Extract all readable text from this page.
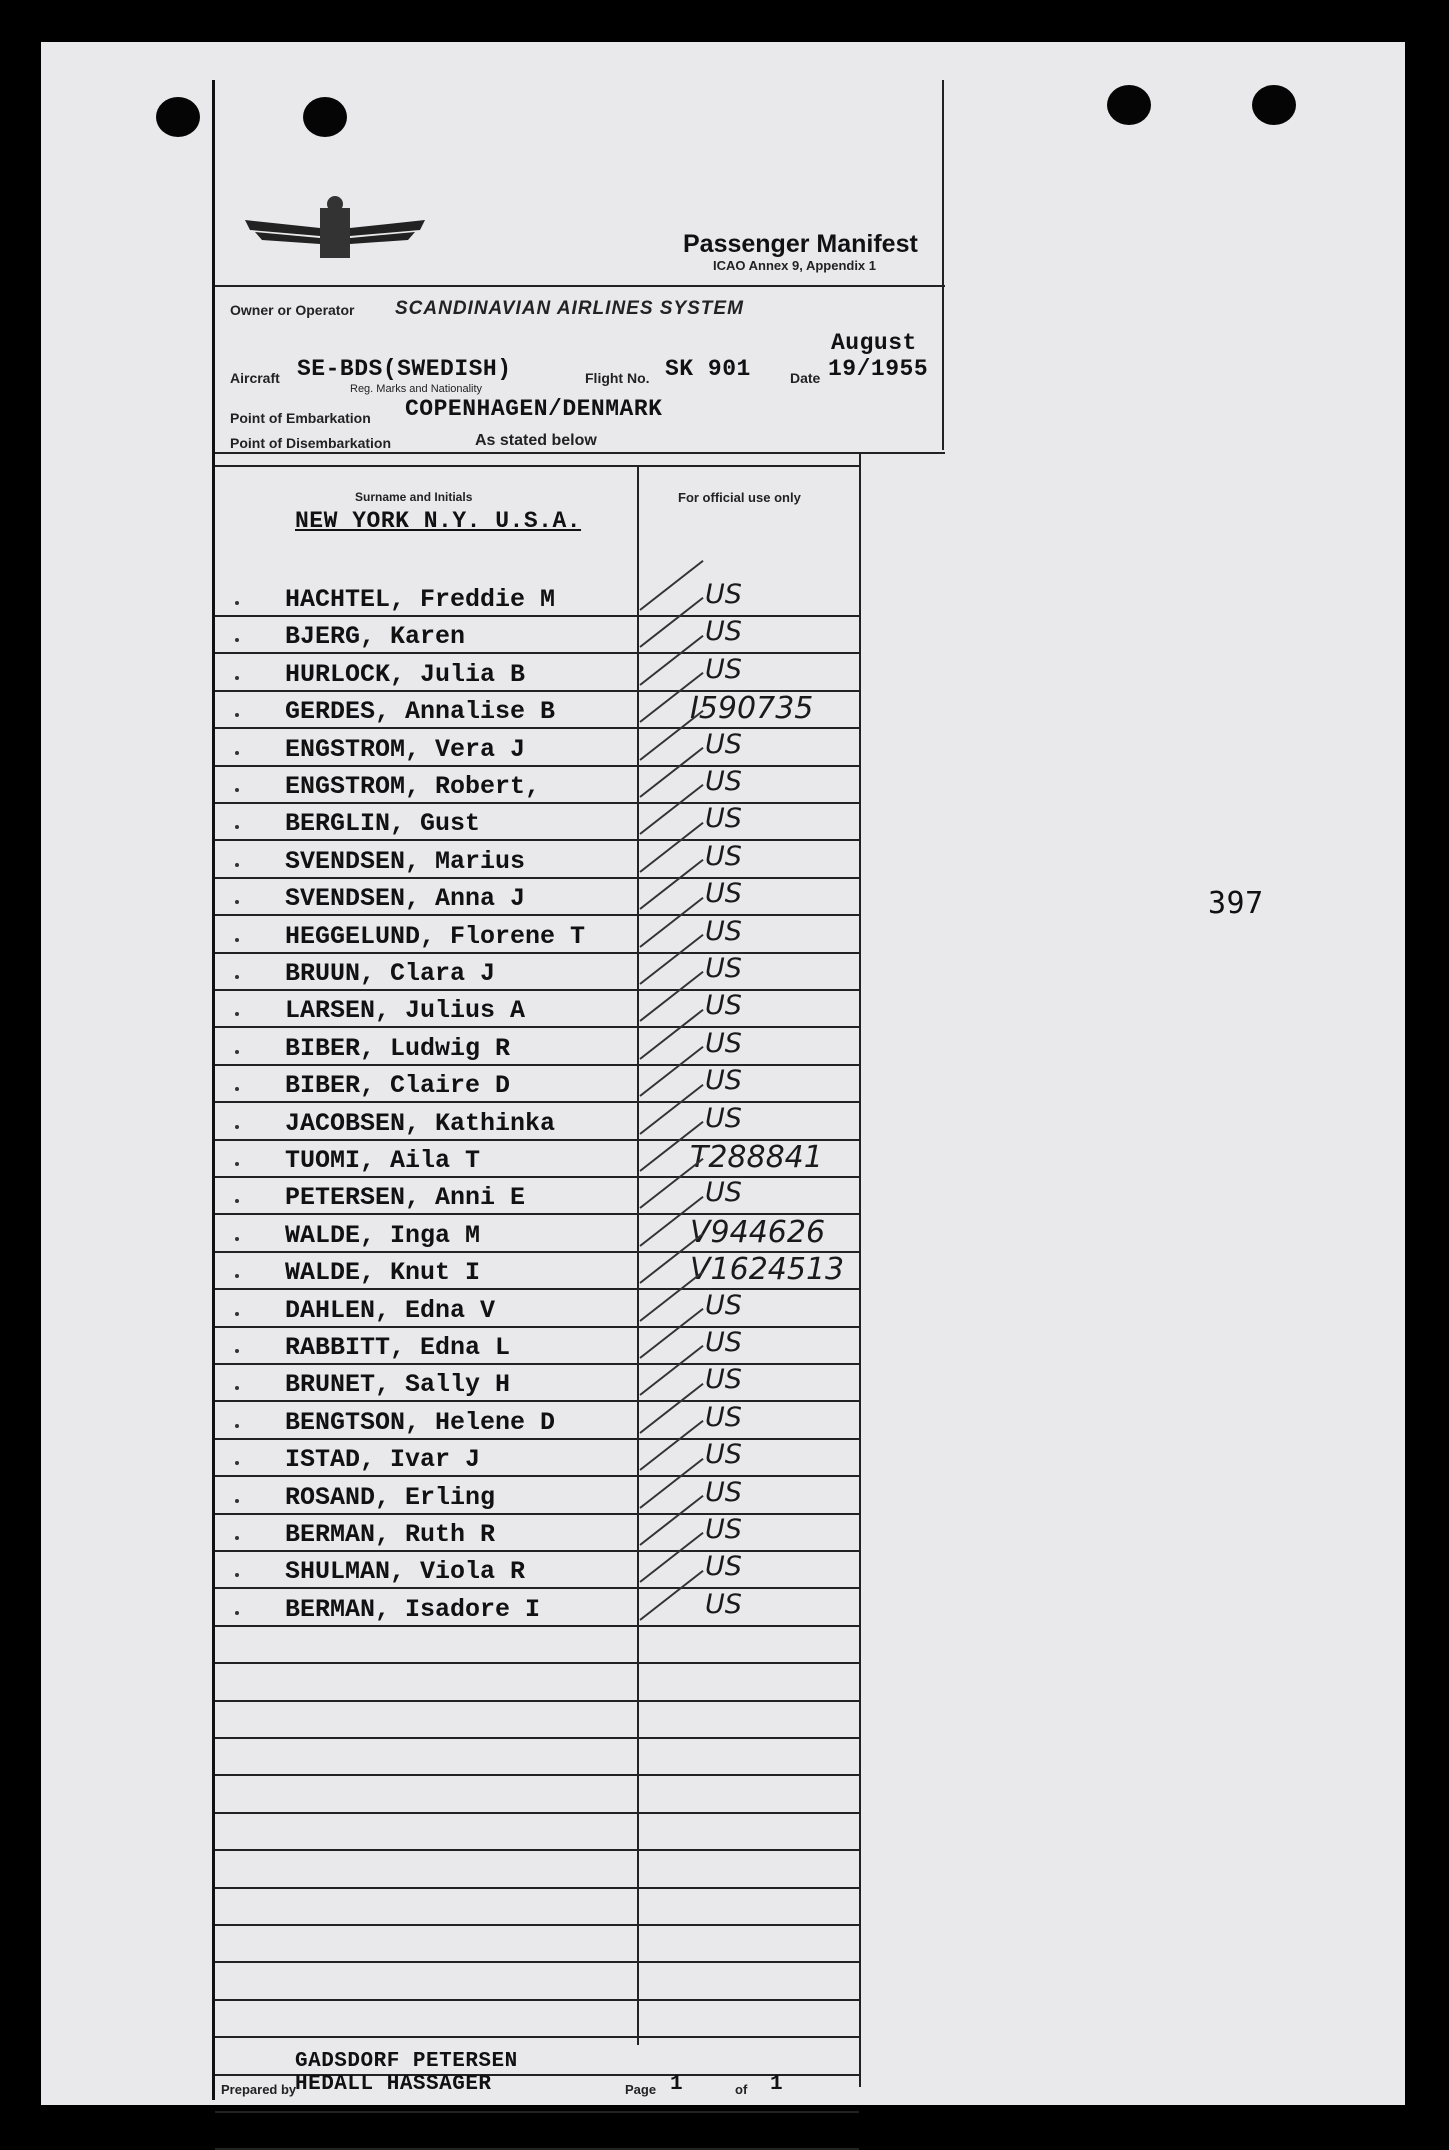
Passenger Manifest
ICAO Annex 9, Appendix 1
Owner or Operator SCANDINAVIAN AIRLINES SYSTEM
Aircraft SE-BDS(SWEDISH)
Reg. Marks and Nationality
Flight No. SK 901	Date
August
19/1955
Point of Embarkation COPENHAGEN/DENMARK
Point of Disembarkation	As stated below
Surname and Initials	For official use only
NEW YORK N.Y. U.S.A.
HACHTEL, Freddie M	US
BJERG, Karen	US
HURLOCK, Julia B	US
GERDES, Annalise B	I590735
ENGSTROM, Vera J	US
ENGSTROM, Robert,	US
BERGLIN, Gust	US
SVENDSEN, Marius	US
SVENDSEN, Anna J	US
HEGGELUND, Florene T	US
BRUUN, Clara J	US
LARSEN, Julius A	US
BIBER, Ludwig R	US
BIBER, Claire D	US
JACOBSEN, Kathinka	US
TUOMI, Aila T	T288841
PETERSEN, Anni E	US
WALDE, Inga M	V944626
WALDE, Knut I	V1624513
DAHLEN, Edna V	US
RABBITT, Edna L	US
BRUNET, Sally H	US
BENGTSON, Helene D	US
ISTAD, Ivar J	US
ROSAND, Erling	US
BERMAN, Ruth R	US
SHULMAN, Viola R	US
BERMAN, Isadore I	US
GADSDORF PETERSEN
Prepared by
HEDALL HASSAGER	Page 1	of 1
397
